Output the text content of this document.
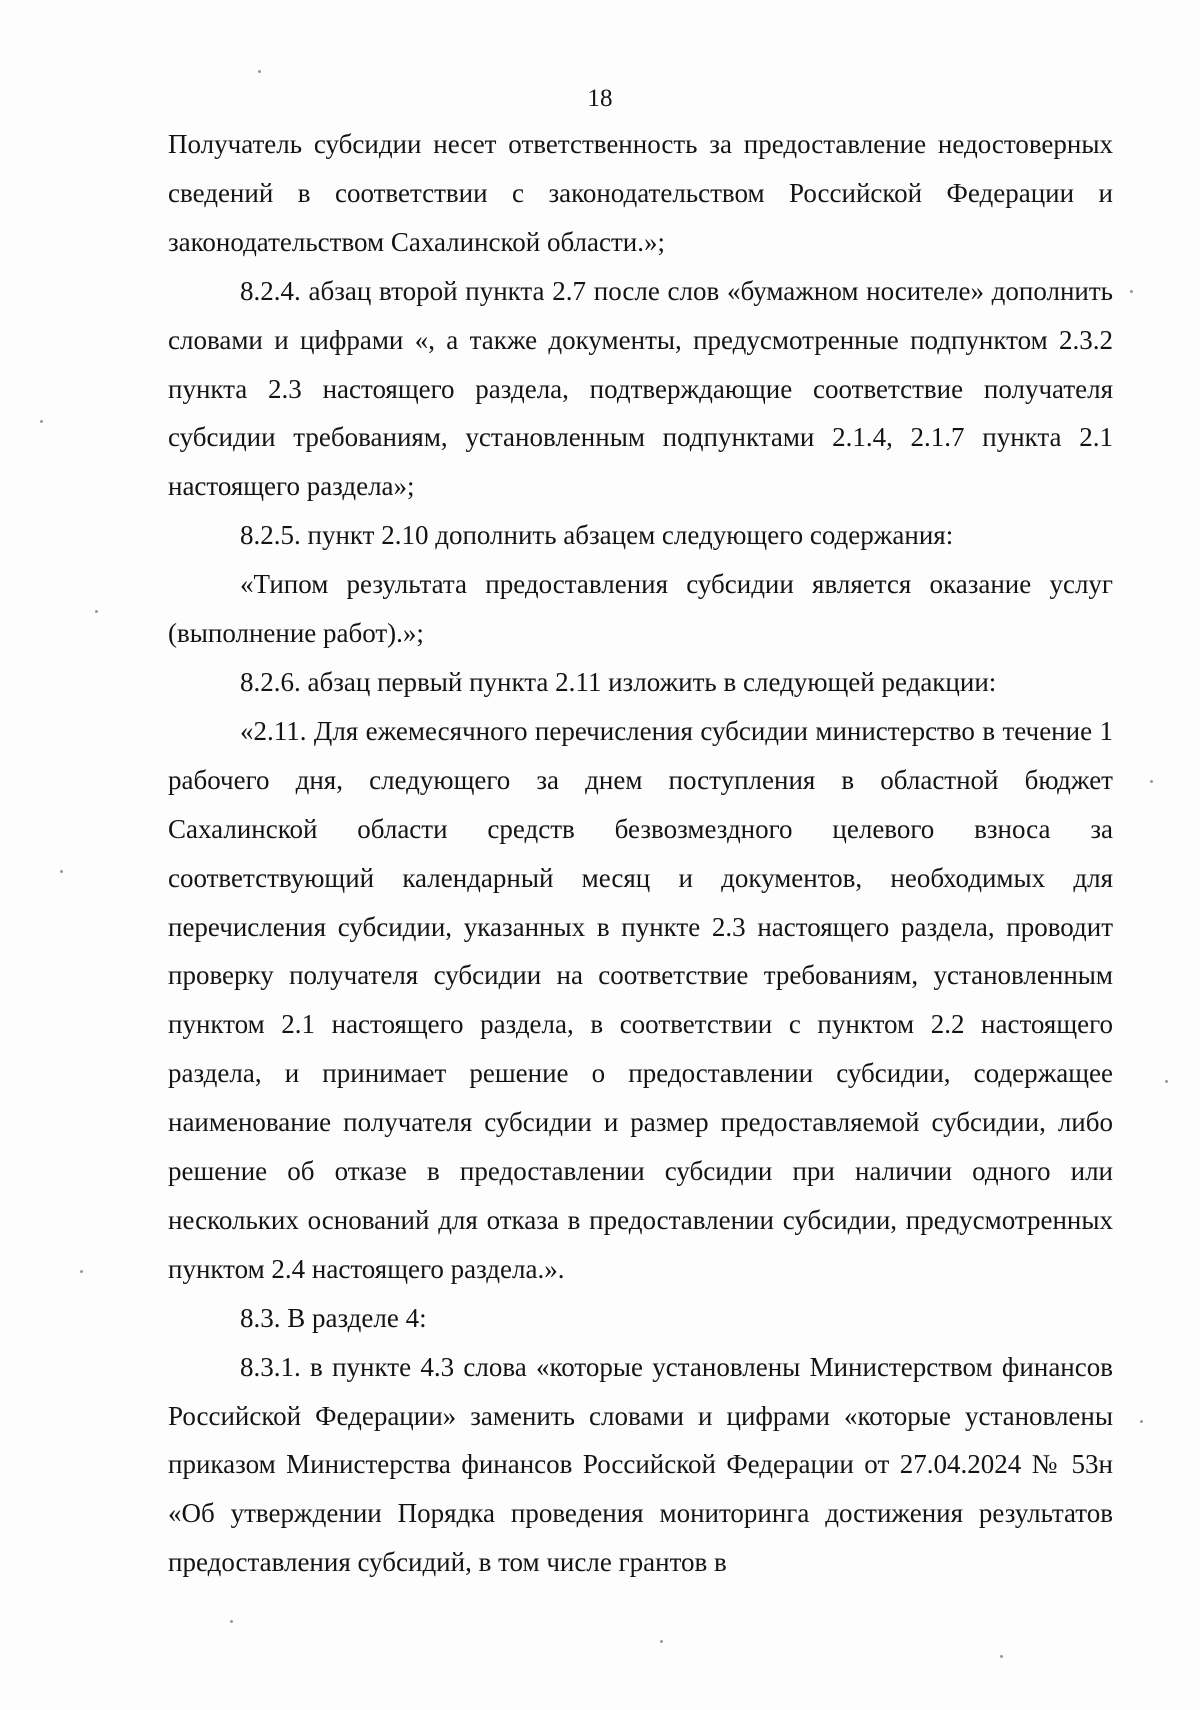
18

Получатель субсидии несет ответственность за предоставление недостоверных сведений в соответствии с законодательством Российской Федерации и законодательством Сахалинской области.»;

8.2.4. абзац второй пункта 2.7 после слов «бумажном носителе» дополнить словами и цифрами «, а также документы, предусмотренные подпунктом 2.3.2 пункта 2.3 настоящего раздела, подтверждающие соответствие получателя субсидии требованиям, установленным подпунктами 2.1.4, 2.1.7 пункта 2.1 настоящего раздела»;

8.2.5. пункт 2.10 дополнить абзацем следующего содержания:

«Типом результата предоставления субсидии является оказание услуг (выполнение работ).»;

8.2.6. абзац первый пункта 2.11 изложить в следующей редакции:

«2.11. Для ежемесячного перечисления субсидии министерство в течение 1 рабочего дня, следующего за днем поступления в областной бюджет Сахалинской области средств безвозмездного целевого взноса за соответствующий календарный месяц и документов, необходимых для перечисления субсидии, указанных в пункте 2.3 настоящего раздела, проводит проверку получателя субсидии на соответствие требованиям, установленным пунктом 2.1 настоящего раздела, в соответствии с пунктом 2.2 настоящего раздела, и принимает решение о предоставлении субсидии, содержащее наименование получателя субсидии и размер предоставляемой субсидии, либо решение об отказе в предоставлении субсидии при наличии одного или нескольких оснований для отказа в предоставлении субсидии, предусмотренных пунктом 2.4 настоящего раздела.».

8.3. В разделе 4:

8.3.1. в пункте 4.3 слова «которые установлены Министерством финансов Российской Федерации» заменить словами и цифрами «которые установлены приказом Министерства финансов Российской Федерации от 27.04.2024 № 53н «Об утверждении Порядка проведения мониторинга достижения результатов предоставления субсидий, в том числе грантов в
